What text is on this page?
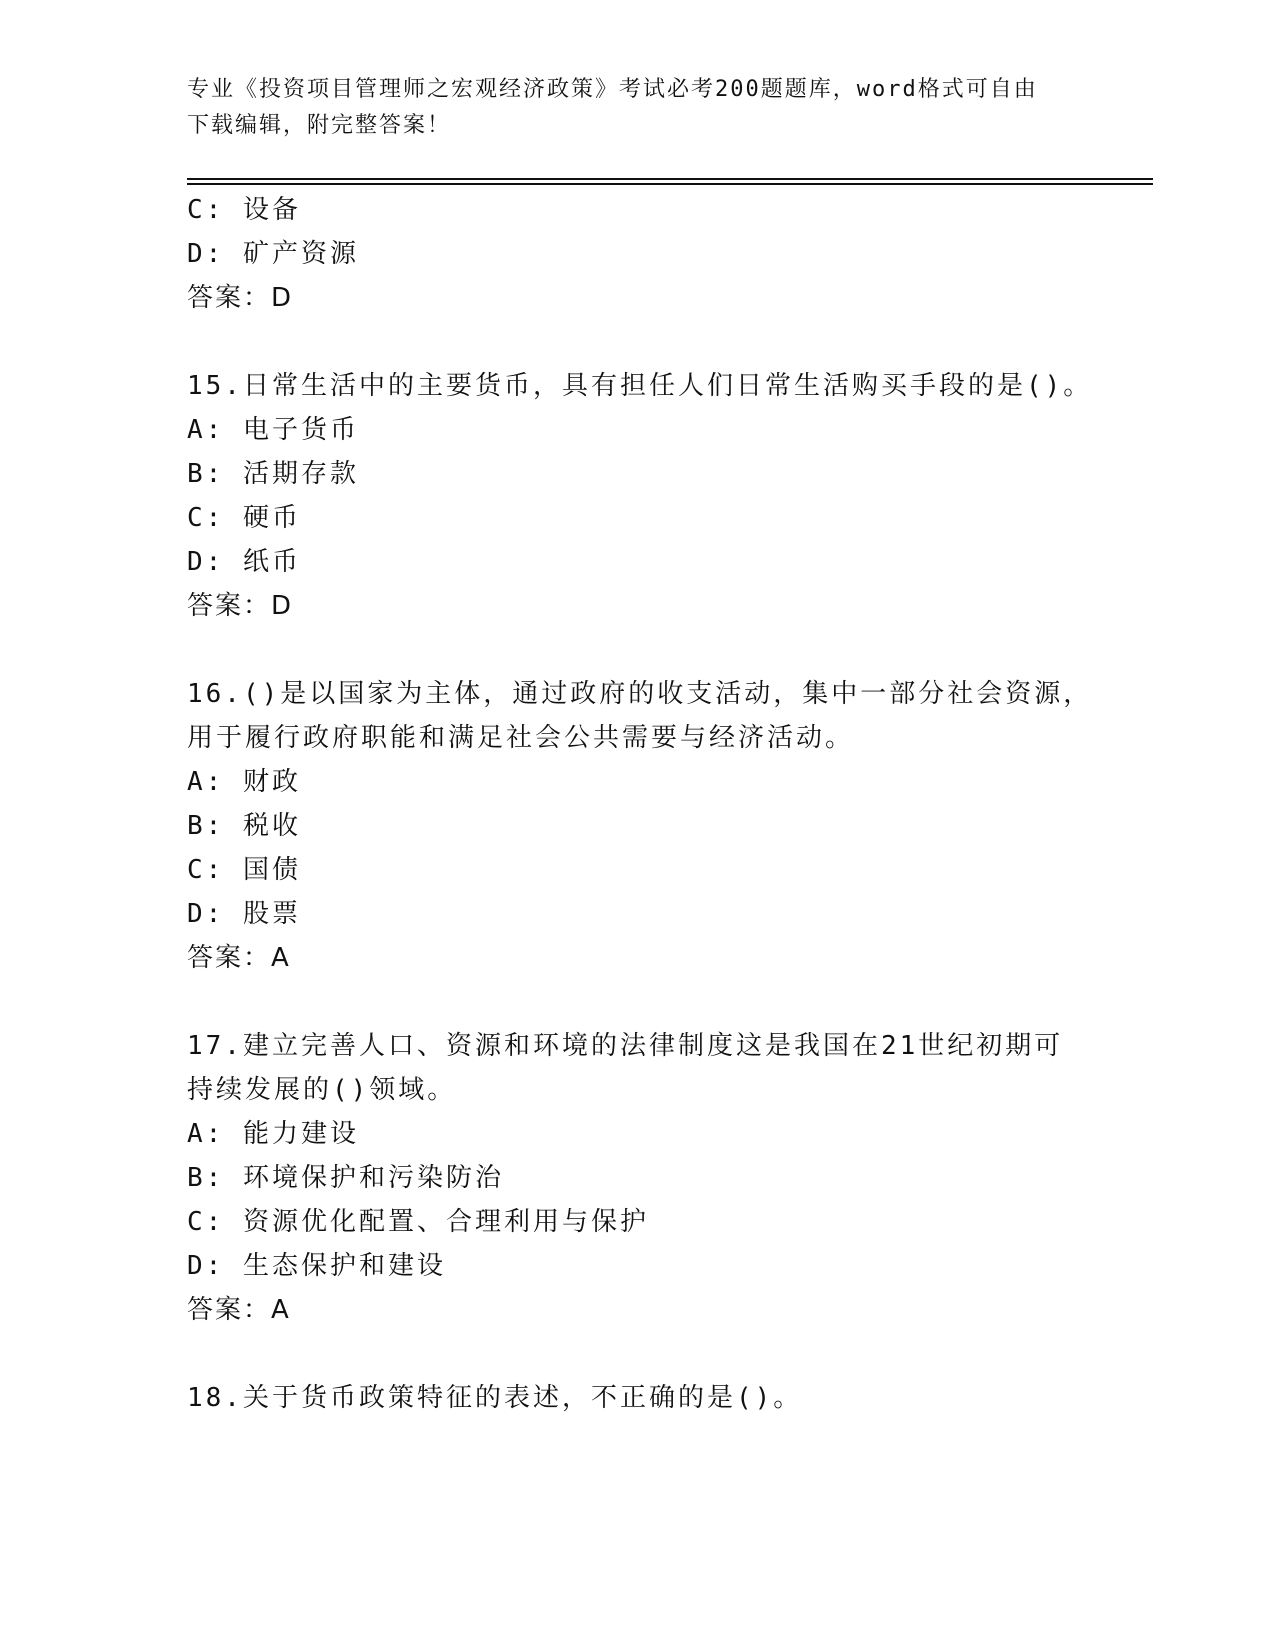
专业《投资项目管理师之宏观经济政策》考试必考200题题库，word格式可自由
下载编辑，附完整答案！
C: 设备
D: 矿产资源
答案：D
15.日常生活中的主要货币，具有担任人们日常生活购买手段的是()。
A: 电子货币
B: 活期存款
C: 硬币
D: 纸币
答案：D
16.()是以国家为主体，通过政府的收支活动，集中一部分社会资源，
用于履行政府职能和满足社会公共需要与经济活动。
A: 财政
B: 税收
C: 国债
D: 股票
答案：A
17.建立完善人口、资源和环境的法律制度这是我国在21世纪初期可
持续发展的()领域。
A: 能力建设
B: 环境保护和污染防治
C: 资源优化配置、合理利用与保护
D: 生态保护和建设
答案：A
18.关于货币政策特征的表述，不正确的是()。
